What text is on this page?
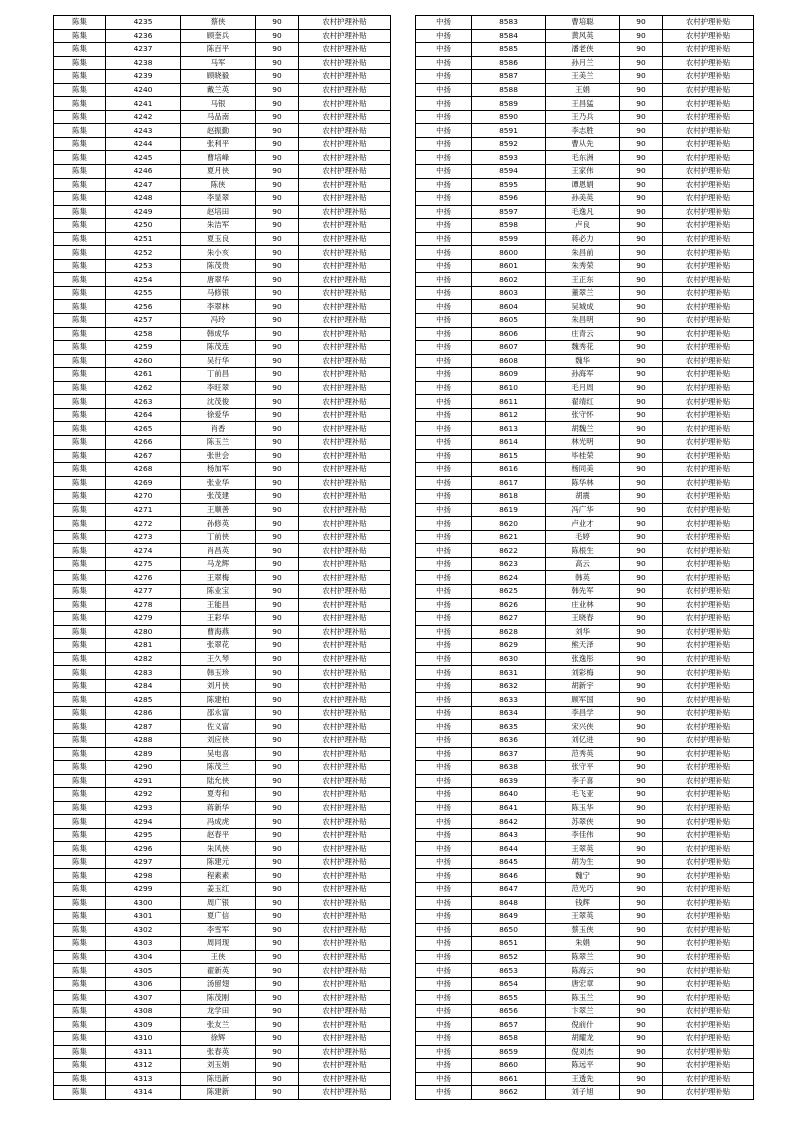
陈集	4235	蔡侠	90	农村护理补贴
陈集	4236	顾奎兵	90	农村护理补贴
陈集	4237	陈百平	90	农村护理补贴
陈集	4238	马军	90	农村护理补贴
陈集	4239	顾晓毅	90	农村护理补贴
陈集	4240	戴兰英	90	农村护理补贴
陈集	4241	马银	90	农村护理补贴
陈集	4242	马品南	90	农村护理补贴
陈集	4243	赵振勤	90	农村护理补贴
陈集	4244	张利平	90	农村护理补贴
陈集	4245	曹培峰	90	农村护理补贴
陈集	4246	夏月侠	90	农村护理补贴
陈集	4247	陈侠	90	农村护理补贴
陈集	4248	李显翠	90	农村护理补贴
陈集	4249	赵培田	90	农村护理补贴
陈集	4250	朱洁军	90	农村护理补贴
陈集	4251	夏玉良	90	农村护理补贴
陈集	4252	朱小亥	90	农村护理补贴
陈集	4253	陈茂贵	90	农村护理补贴
陈集	4254	唐翠华	90	农村护理补贴
陈集	4255	马修银	90	农村护理补贴
陈集	4256	李翠林	90	农村护理补贴
陈集	4257	冯玲	90	农村护理补贴
陈集	4258	韩成华	90	农村护理补贴
陈集	4259	陈茂连	90	农村护理补贴
陈集	4260	吴行华	90	农村护理补贴
陈集	4261	丁前昌	90	农村护理补贴
陈集	4262	李旺翠	90	农村护理补贴
陈集	4263	沈茂俊	90	农村护理补贴
陈集	4264	徐爱华	90	农村护理补贴
陈集	4265	肖香	90	农村护理补贴
陈集	4266	陈玉兰	90	农村护理补贴
陈集	4267	张世会	90	农村护理补贴
陈集	4268	杨加军	90	农村护理补贴
陈集	4269	张业华	90	农村护理补贴
陈集	4270	张茂建	90	农村护理补贴
陈集	4271	王顺善	90	农村护理补贴
陈集	4272	孙修英	90	农村护理补贴
陈集	4273	丁前侠	90	农村护理补贴
陈集	4274	肖昌英	90	农村护理补贴
陈集	4275	马龙辉	90	农村护理补贴
陈集	4276	王翠梅	90	农村护理补贴
陈集	4277	陈业宝	90	农村护理补贴
陈集	4278	王能昌	90	农村护理补贴
陈集	4279	王彩华	90	农村护理补贴
陈集	4280	曹海燕	90	农村护理补贴
陈集	4281	张翠花	90	农村护理补贴
陈集	4282	王久琴	90	农村护理补贴
陈集	4283	韩玉珍	90	农村护理补贴
陈集	4284	刘月侠	90	农村护理补贴
陈集	4285	陈建柏	90	农村护理补贴
陈集	4286	邵永富	90	农村护理补贴
陈集	4287	佐义富	90	农村护理补贴
陈集	4288	刘应侠	90	农村护理补贴
陈集	4289	吴电喜	90	农村护理补贴
陈集	4290	陈茂兰	90	农村护理补贴
陈集	4291	陆允侠	90	农村护理补贴
陈集	4292	夏寿和	90	农村护理补贴
陈集	4293	蒋新华	90	农村护理补贴
陈集	4294	冯成虎	90	农村护理补贴
陈集	4295	赵春平	90	农村护理补贴
陈集	4296	朱风侠	90	农村护理补贴
陈集	4297	陈建元	90	农村护理补贴
陈集	4298	程素素	90	农村护理补贴
陈集	4299	姜玉红	90	农村护理补贴
陈集	4300	周广银	90	农村护理补贴
陈集	4301	夏广信	90	农村护理补贴
陈集	4302	李雪军	90	农村护理补贴
陈集	4303	周同现	90	农村护理补贴
陈集	4304	王侠	90	农村护理补贴
陈集	4305	翟新英	90	农村护理补贴
陈集	4306	汤留翅	90	农村护理补贴
陈集	4307	陈茂刚	90	农村护理补贴
陈集	4308	龙学田	90	农村护理补贴
陈集	4309	张友兰	90	农村护理补贴
陈集	4310	徐辉	90	农村护理补贴
陈集	4311	张春英	90	农村护理补贴
陈集	4312	刘玉娟	90	农村护理补贴
陈集	4313	陈迅新	90	农村护理补贴
陈集	4314	陈建新	90	农村护理补贴
中扬	8583	曹培聪	90	农村护理补贴
中扬	8584	黄风英	90	农村护理补贴
中扬	8585	潘老侠	90	农村护理补贴
中扬	8586	孙月兰	90	农村护理补贴
中扬	8587	王美兰	90	农村护理补贴
中扬	8588	王娟	90	农村护理补贴
中扬	8589	王昌猛	90	农村护理补贴
中扬	8590	王乃兵	90	农村护理补贴
中扬	8591	李志胜	90	农村护理补贴
中扬	8592	曹从先	90	农村护理补贴
中扬	8593	毛东洲	90	农村护理补贴
中扬	8594	王家伟	90	农村护理补贴
中扬	8595	谭恩娟	90	农村护理补贴
中扬	8596	孙美英	90	农村护理补贴
中扬	8597	毛逸凡	90	农村护理补贴
中扬	8598	卢良	90	农村护理补贴
中扬	8599	蒋必力	90	农村护理补贴
中扬	8600	朱昌前	90	农村护理补贴
中扬	8601	朱秀荣	90	农村护理补贴
中扬	8602	王正东	90	农村护理补贴
中扬	8603	董翠兰	90	农村护理补贴
中扬	8604	吴城成	90	农村护理补贴
中扬	8605	朱昌明	90	农村护理补贴
中扬	8606	庄青云	90	农村护理补贴
中扬	8607	魏秀花	90	农村护理补贴
中扬	8608	魏华	90	农村护理补贴
中扬	8609	孙海军	90	农村护理补贴
中扬	8610	毛月周	90	农村护理补贴
中扬	8611	翟靖红	90	农村护理补贴
中扬	8612	张守怀	90	农村护理补贴
中扬	8613	胡魏兰	90	农村护理补贴
中扬	8614	林光明	90	农村护理补贴
中扬	8615	毕桂荣	90	农村护理补贴
中扬	8616	杨同美	90	农村护理补贴
中扬	8617	陈华林	90	农村护理补贴
中扬	8618	胡震	90	农村护理补贴
中扬	8619	冯广华	90	农村护理补贴
中扬	8620	卢业才	90	农村护理补贴
中扬	8621	毛婷	90	农村护理补贴
中扬	8622	陈根生	90	农村护理补贴
中扬	8623	高云	90	农村护理补贴
中扬	8624	韩英	90	农村护理补贴
中扬	8625	韩先军	90	农村护理补贴
中扬	8626	庄业林	90	农村护理补贴
中扬	8627	王晓春	90	农村护理补贴
中扬	8628	刘华	90	农村护理补贴
中扬	8629	熊天泽	90	农村护理补贴
中扬	8630	张逸彤	90	农村护理补贴
中扬	8631	刘彩梅	90	农村护理补贴
中扬	8632	胡新宇	90	农村护理补贴
中扬	8633	顾军国	90	农村护理补贴
中扬	8634	李昌学	90	农村护理补贴
中扬	8635	宋兴侠	90	农村护理补贴
中扬	8636	刘亿进	90	农村护理补贴
中扬	8637	范秀英	90	农村护理补贴
中扬	8638	张守平	90	农村护理补贴
中扬	8639	李子喜	90	农村护理补贴
中扬	8640	毛飞亚	90	农村护理补贴
中扬	8641	陈玉华	90	农村护理补贴
中扬	8642	苏翠侠	90	农村护理补贴
中扬	8643	李佳伟	90	农村护理补贴
中扬	8644	王翠英	90	农村护理补贴
中扬	8645	胡为生	90	农村护理补贴
中扬	8646	魏宁	90	农村护理补贴
中扬	8647	范光巧	90	农村护理补贴
中扬	8648	钱辉	90	农村护理补贴
中扬	8649	王翠英	90	农村护理补贴
中扬	8650	蔡玉侠	90	农村护理补贴
中扬	8651	朱娟	90	农村护理补贴
中扬	8652	陈翠兰	90	农村护理补贴
中扬	8653	陈海云	90	农村护理补贴
中扬	8654	唐宏章	90	农村护理补贴
中扬	8655	陈玉兰	90	农村护理补贴
中扬	8656	卞翠兰	90	农村护理补贴
中扬	8657	倪前什	90	农村护理补贴
中扬	8658	胡耀龙	90	农村护理补贴
中扬	8659	倪刘杰	90	农村护理补贴
中扬	8660	陈远平	90	农村护理补贴
中扬	8661	王透先	90	农村护理补贴
中扬	8662	刘子旭	90	农村护理补贴
